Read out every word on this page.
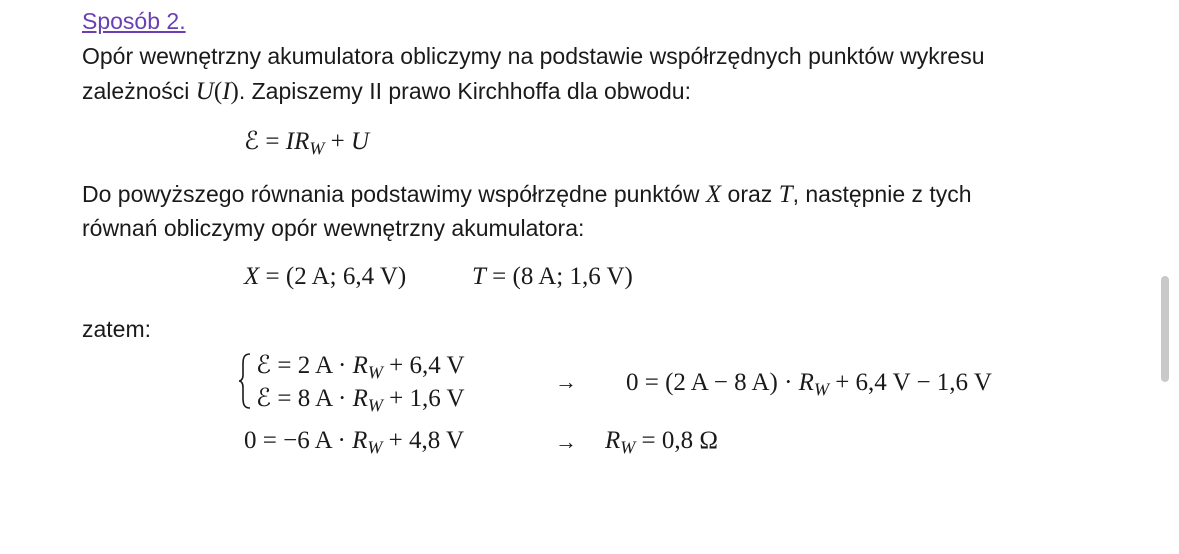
Sposób 2.
Opór wewnętrzny akumulatora obliczymy na podstawie współrzędnych punktów wykresu
zależności U(I). Zapiszemy II prawo Kirchhoffa dla obwodu:
ℰ = $IR_W + U$
Do powyższego równania podstawimy współrzędne punktów X oraz T, następnie z tych
równań obliczymy opór wewnętrzny akumulatora:
X = (2 A; 6,4 V)	T = (8 A; 1,6 V)
zatem:
ℰ = 2 $A \cdot R_W + 6,4$ V
ℰ = 8 $A \cdot R_W + 1,6$ V
→ 0 = (2 A − 8 $A) \cdot R_W + 6,4$ V − 1,6 V
0 = −6 $A \cdot R_W + 4,8$ V	→ $R_W = 0,8$ Ω
